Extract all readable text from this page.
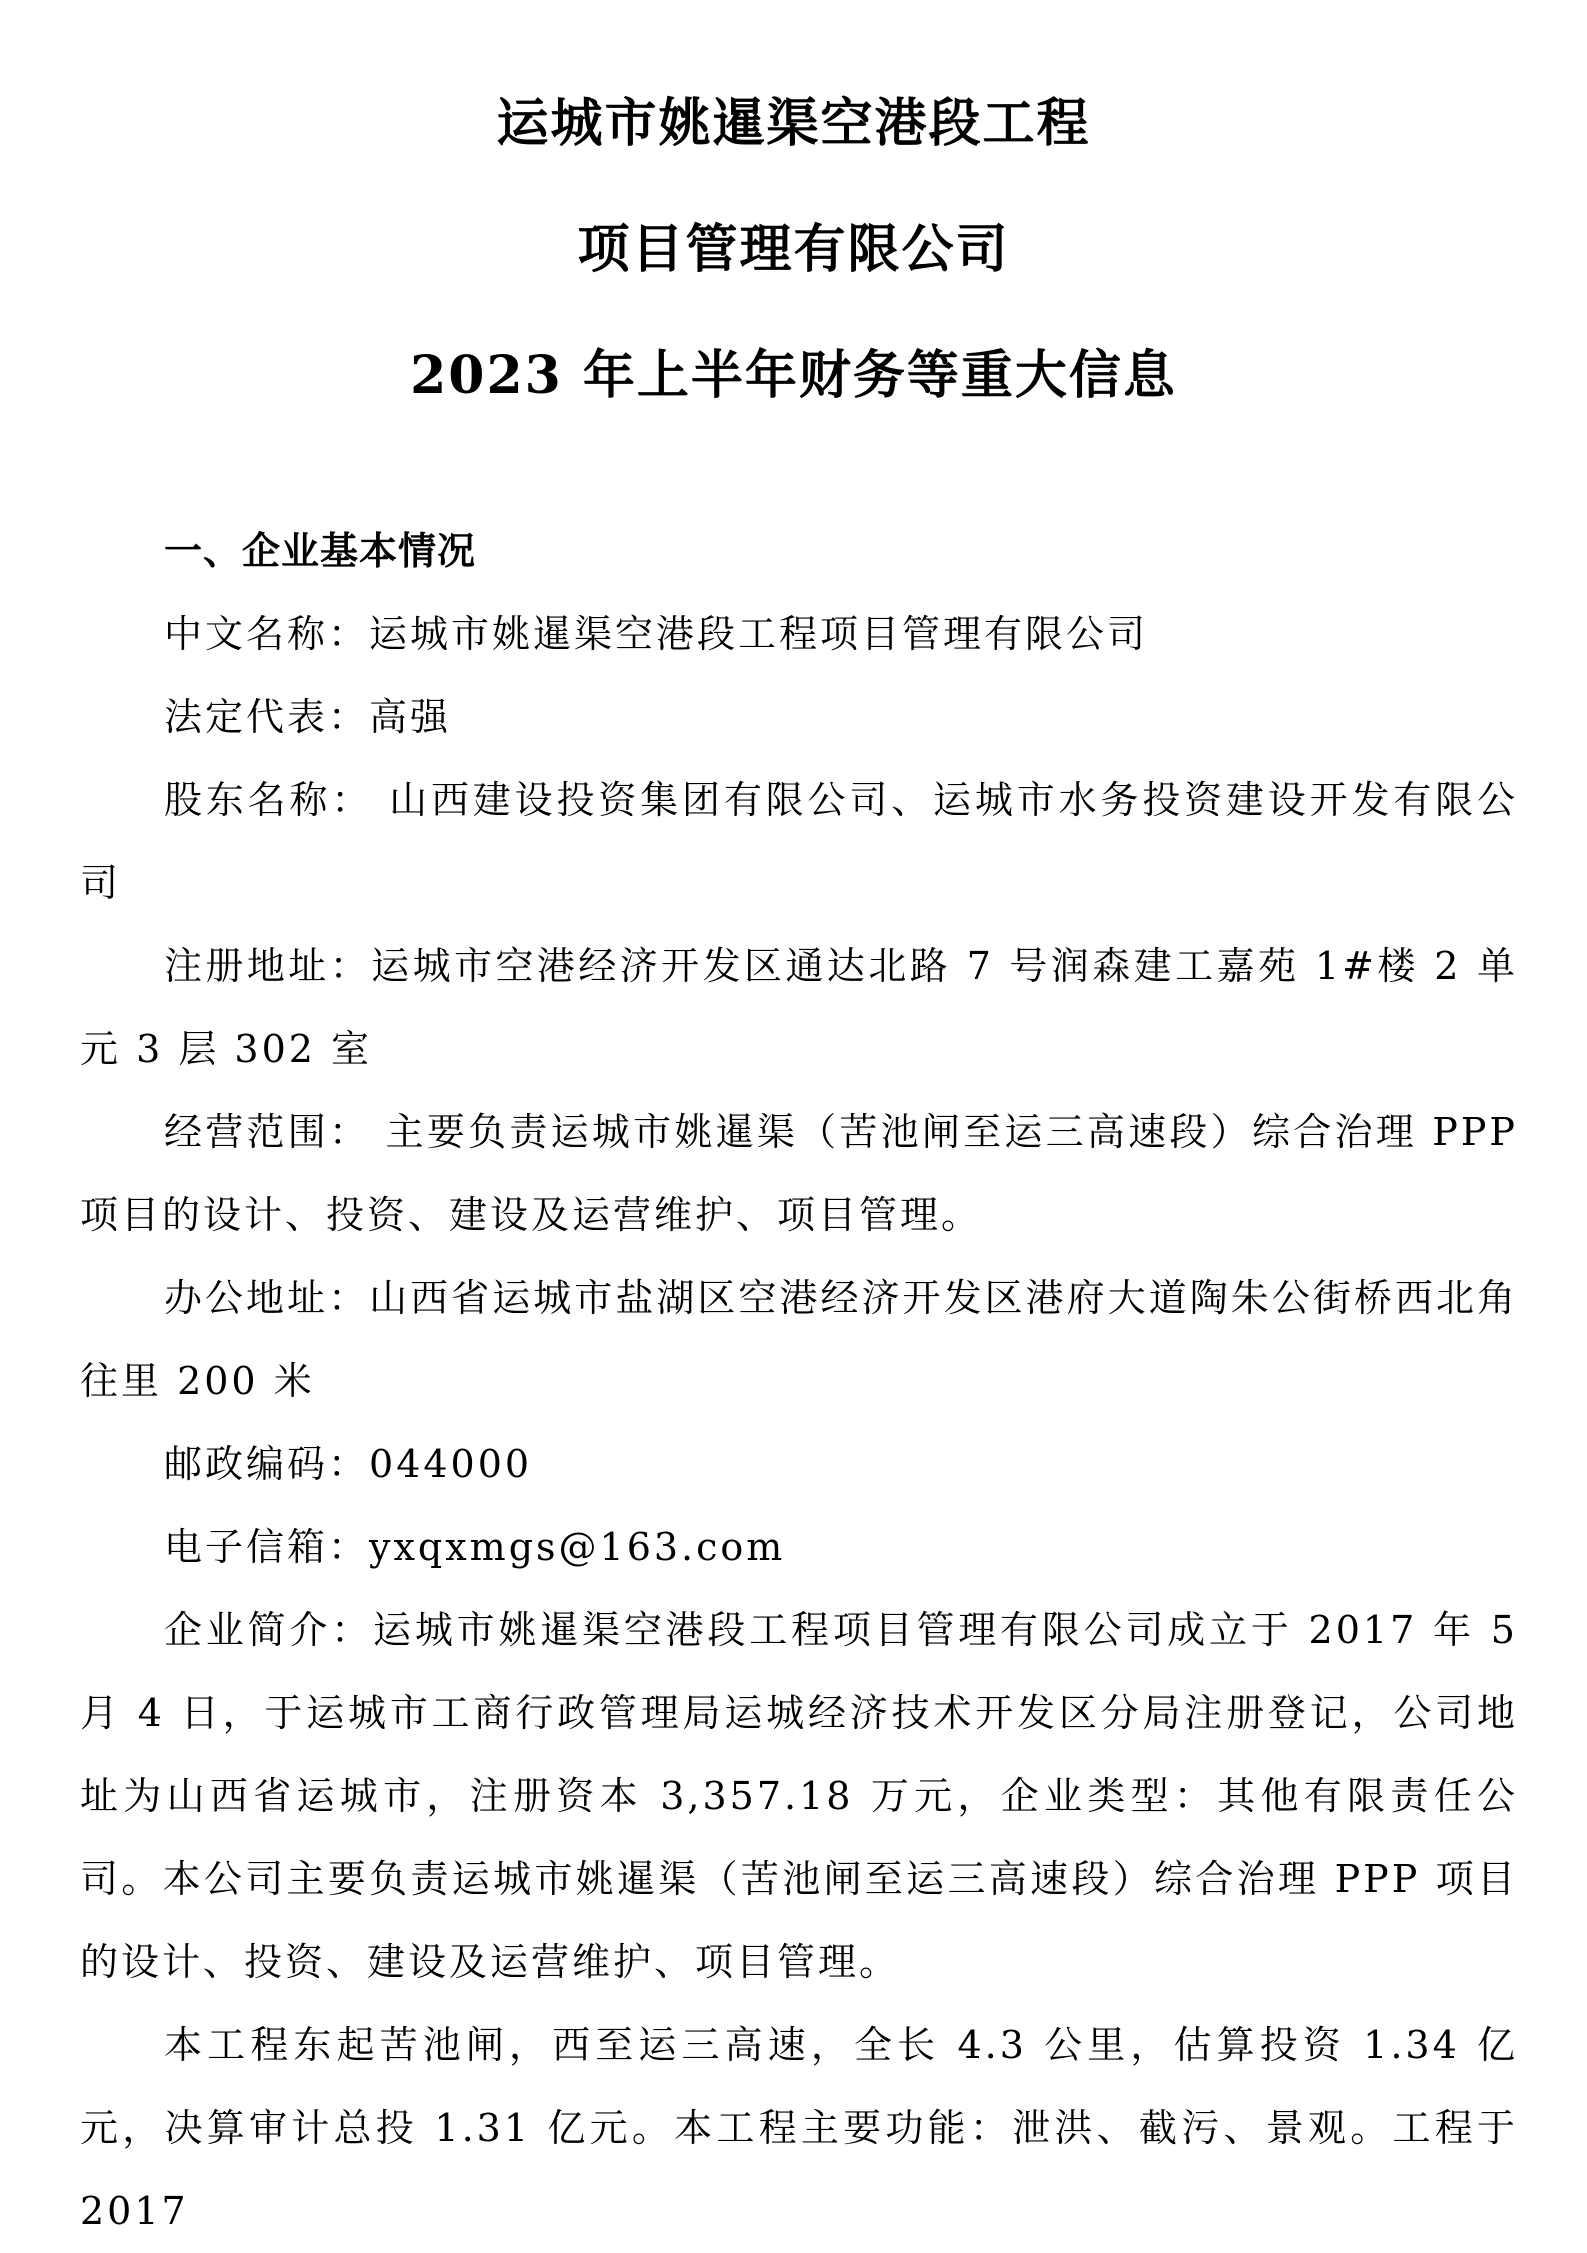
运城市姚暹渠空港段工程
项目管理有限公司
2023 年上半年财务等重大信息
一、企业基本情况

中文名称：运城市姚暹渠空港段工程项目管理有限公司

法定代表：高强

股东名称： 山西建设投资集团有限公司、运城市水务投资建设开发有限公司

注册地址：运城市空港经济开发区通达北路 7 号润森建工嘉苑 1#楼 2 单元 3 层 302 室

经营范围： 主要负责运城市姚暹渠（苦池闸至运三高速段）综合治理 PPP 项目的设计、投资、建设及运营维护、项目管理。

办公地址：山西省运城市盐湖区空港经济开发区港府大道陶朱公街桥西北角往里 200 米

邮政编码：044000

电子信箱：yxqxmgs@163.com

企业简介：运城市姚暹渠空港段工程项目管理有限公司成立于 2017 年 5 月 4 日，于运城市工商行政管理局运城经济技术开发区分局注册登记，公司地址为山西省运城市，注册资本 3,357.18 万元，企业类型：其他有限责任公司。本公司主要负责运城市姚暹渠（苦池闸至运三高速段）综合治理 PPP 项目的设计、投资、建设及运营维护、项目管理。

本工程东起苦池闸，西至运三高速，全长 4.3 公里，估算投资 1.34 亿元，决算审计总投 1.31 亿元。本工程主要功能：泄洪、截污、景观。工程于 2017
